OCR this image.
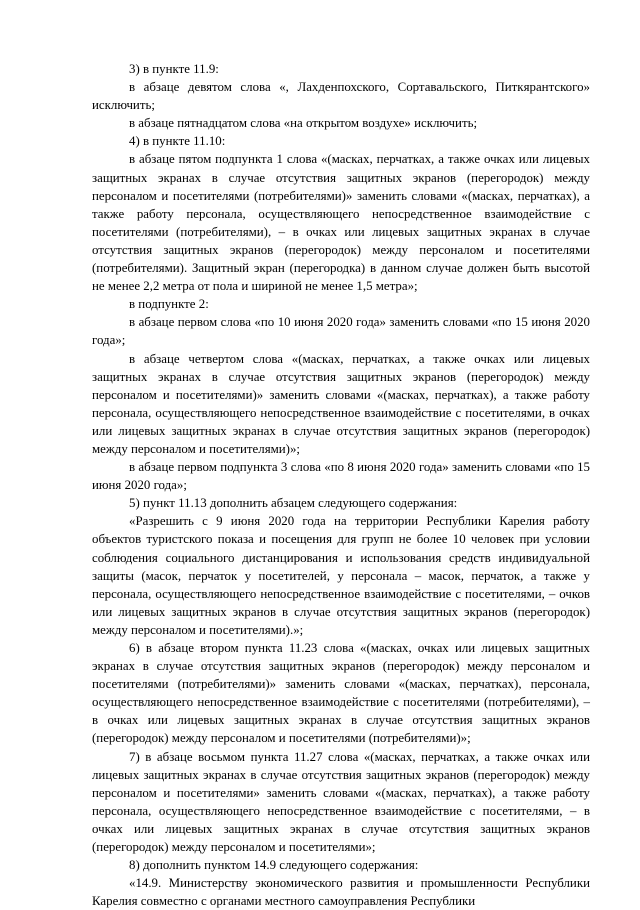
3) в пункте 11.9:

в абзаце девятом слова «, Лахденпохского, Сортавальского, Питкярантского» исключить;

в абзаце пятнадцатом слова «на открытом воздухе» исключить;

4) в пункте 11.10:

в абзаце пятом подпункта 1 слова «(масках, перчатках, а также очках или лицевых защитных экранах в случае отсутствия защитных экранов (перегородок) между персоналом и посетителями (потребителями)» заменить словами «(масках, перчатках), а также работу персонала, осуществляющего непосредственное взаимодействие с посетителями (потребителями), – в очках или лицевых защитных экранах в случае отсутствия защитных экранов (перегородок) между персоналом и посетителями (потребителями). Защитный экран (перегородка) в данном случае должен быть высотой не менее 2,2 метра от пола и шириной не менее 1,5 метра»;

в подпункте 2:

в абзаце первом слова «по 10 июня 2020 года» заменить словами «по 15 июня 2020 года»;

в абзаце четвертом слова «(масках, перчатках, а также очках или лицевых защитных экранах в случае отсутствия защитных экранов (перегородок) между персоналом и посетителями)» заменить словами «(масках, перчатках), а также работу персонала, осуществляющего непосредственное взаимодействие с посетителями, в очках или лицевых защитных экранах в случае отсутствия защитных экранов (перегородок) между персоналом и посетителями)»;

в абзаце первом подпункта 3 слова «по 8 июня 2020 года» заменить словами «по 15 июня 2020 года»;

5) пункт 11.13 дополнить абзацем следующего содержания:

«Разрешить с 9 июня 2020 года на территории Республики Карелия работу объектов туристского показа и посещения для групп не более 10 человек при условии соблюдения социального дистанцирования и использования средств индивидуальной защиты (масок, перчаток у посетителей, у персонала – масок, перчаток, а также у персонала, осуществляющего непосредственное взаимодействие с посетителями, – очков или лицевых защитных экранов в случае отсутствия защитных экранов (перегородок) между персоналом и посетителями).»;

6) в абзаце втором пункта 11.23 слова «(масках, очках или лицевых защитных экранах в случае отсутствия защитных экранов (перегородок) между персоналом и посетителями (потребителями)» заменить словами «(масках, перчатках), персонала, осуществляющего непосредственное взаимодействие с посетителями (потребителями), – в очках или лицевых защитных экранах в случае отсутствия защитных экранов (перегородок) между персоналом и посетителями (потребителями)»;

7) в абзаце восьмом пункта 11.27 слова «(масках, перчатках, а также очках или лицевых защитных экранах в случае отсутствия защитных экранов (перегородок) между персоналом и посетителями» заменить словами «(масках, перчатках), а также работу персонала, осуществляющего непосредственное взаимодействие с посетителями, – в очках или лицевых защитных экранах в случае отсутствия защитных экранов (перегородок) между персоналом и посетителями»;

8) дополнить пунктом 14.9 следующего содержания:

«14.9. Министерству экономического развития и промышленности Республики Карелия совместно с органами местного самоуправления Республики
